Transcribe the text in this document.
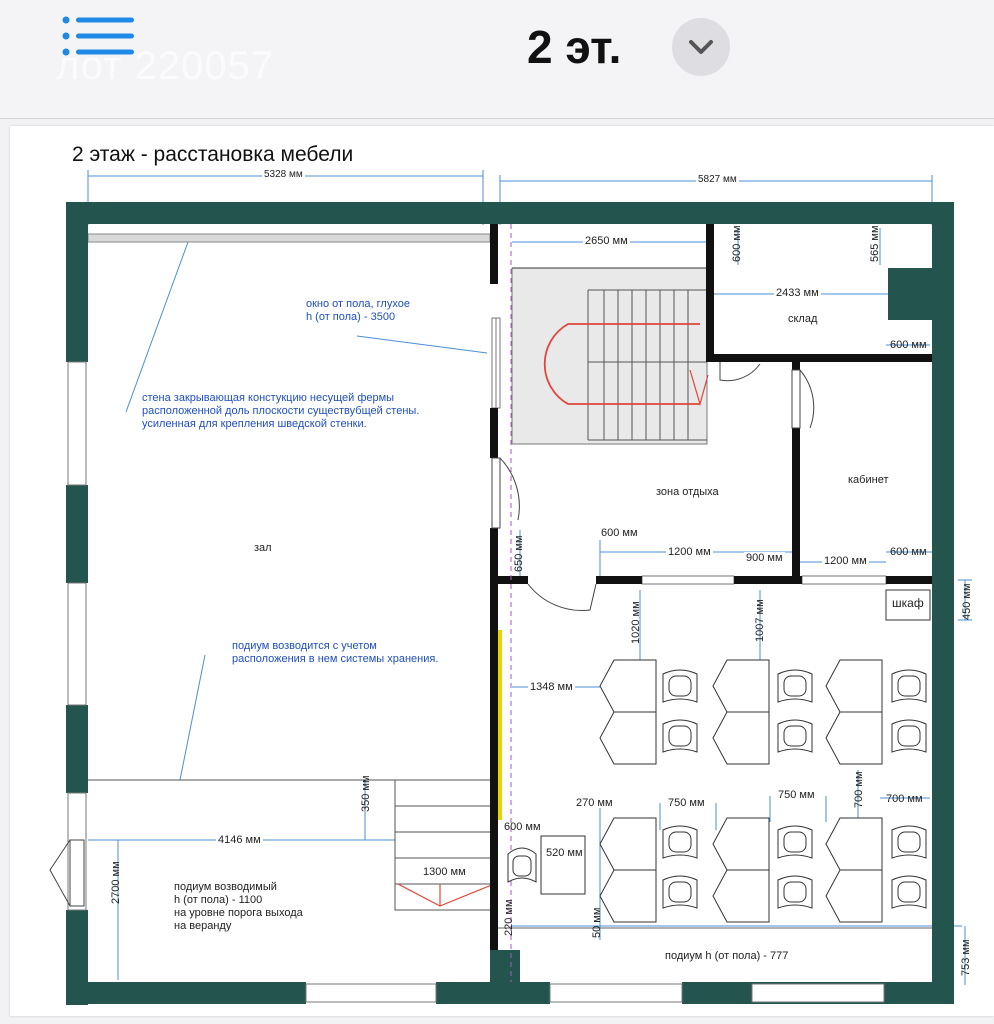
лот 220057	2 эт.
2 этаж - расстановка мебели
зал
склад
зона отдыха
кабинет
шкаф
окно от пола, глухое
h (от пола) - 3500
стена закрывающая констукцию несущей фермы
расположенной доль плоскости существубщей стены.
усиленная для крепления шведской стенки.
подиум возводится с учетом
расположения в нем системы хранения.
подиум возводимый
h (от пола) - 1100
на уровне порога выхода
на веранду
подиум h (от пола) - 777
5328 мм	5827 мм
2650 мм
2433 мм
600 мм
600 мм
1200 мм	900 мм	1200 мм
600 мм
1348 мм
4146 мм
1300 мм
270 мм	750 мм
750 мм	700 мм
600 мм
520 мм
600 мм	565 мм
650 мм
450 мм
1020 мм	1007 мм
350 мм
2700 мм
700 мм
50 мм
220 мм
753 мм
